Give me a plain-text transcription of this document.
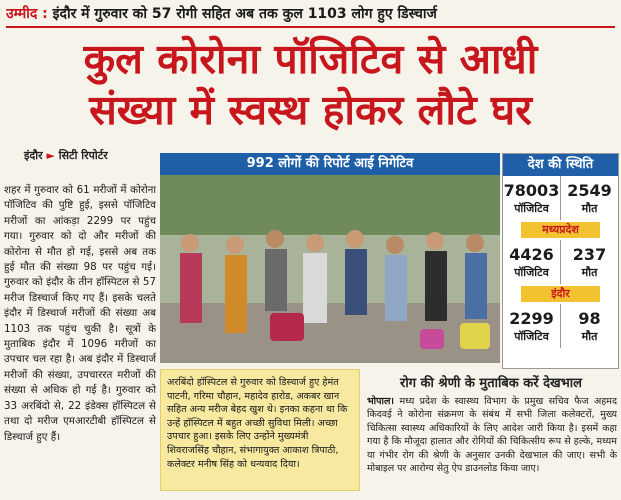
उम्मीद : इंदौर में गुरुवार को 57 रोगी सहित अब तक कुल 1103 लोग हुए डिस्चार्ज
कुल कोरोना पॉजिटिव से आधी
संख्या में स्वस्थ होकर लौटे घर
इंदौर ► सिटी रिपोर्टर
शहर में गुरुवार को 61 मरीजों में कोरोना पॉजिटिव की पुष्टि हुई, इससे पॉजिटिव मरीजों का आंकड़ा 2299 पर पहुंच गया। गुरुवार को दो और मरीजों की कोरोना से मौत हो गई, इससे अब तक हुई मौत की संख्या 98 पर पहुंच गई। गुरुवार को इंदौर के तीन हॉस्पिटल से 57 मरीज डिस्चार्ज किए गए हैं। इसके चलते इंदौर में डिस्चार्ज मरीजों की संख्या अब 1103 तक पहुंच चुकी है। सूत्रों के मुताबिक इंदौर में 1096 मरीजों का उपचार चल रहा है। अब इंदौर में डिस्चार्ज मरीजों की संख्या, उपचाररत मरीजों की संख्या से अधिक हो गई है। गुरुवार को 33 अरबिंदो से, 22 इंडेक्स हॉस्पिटल से तथा दो मरीज एमआरटीबी हॉस्पिटल से डिस्चार्ज हुए हैं।
992 लोगों की रिपोर्ट आई निगेटिव	देश की स्थिति
78003
पॉजिटिव
2549
मौत
मध्यप्रदेश
4426
पॉजिटिव
237
मौत
इंदौर
2299
पॉजिटिव
98
मौत
अरबिंदो हॉस्पिटल से गुरुवार को डिस्चार्ज हुए हेमंत पाटनी, गरिमा चौहान, महादेव हारोड, अकबर खान सहित अन्य मरीज बेहद खुश थे। इनका कहना था कि उन्हें हॉस्पिटल में बहुत अच्छी सुविधा मिली। अच्छा उपचार हुआ। इसके लिए उन्होंने मुख्यमंत्री शिवराजसिंह चौहान, संभागायुक्त आकाश त्रिपाठी, कलेक्टर मनीष सिंह को धन्यवाद दिया।
रोग की श्रेणी के मुताबिक करें देखभाल
भोपाल। मध्य प्रदेश के स्वास्थ्य विभाग के प्रमुख सचिव फैज अहमद किदवई ने कोरोना संक्रमण के संबंध में सभी जिला कलेक्टरों, मुख्य चिकित्सा स्वास्थ्य अधिकारियों के लिए आदेश जारी किया है। इसमें कहा गया है कि मौजूदा हालात और रोगियों की चिकित्सीय रूप से हल्के, मध्यम या गंभीर रोग की श्रेणी के अनुसार उनकी देखभाल की जाए। सभी के मोबाइल पर आरोग्य सेतु ऐप डाउनलोड किया जाए।
